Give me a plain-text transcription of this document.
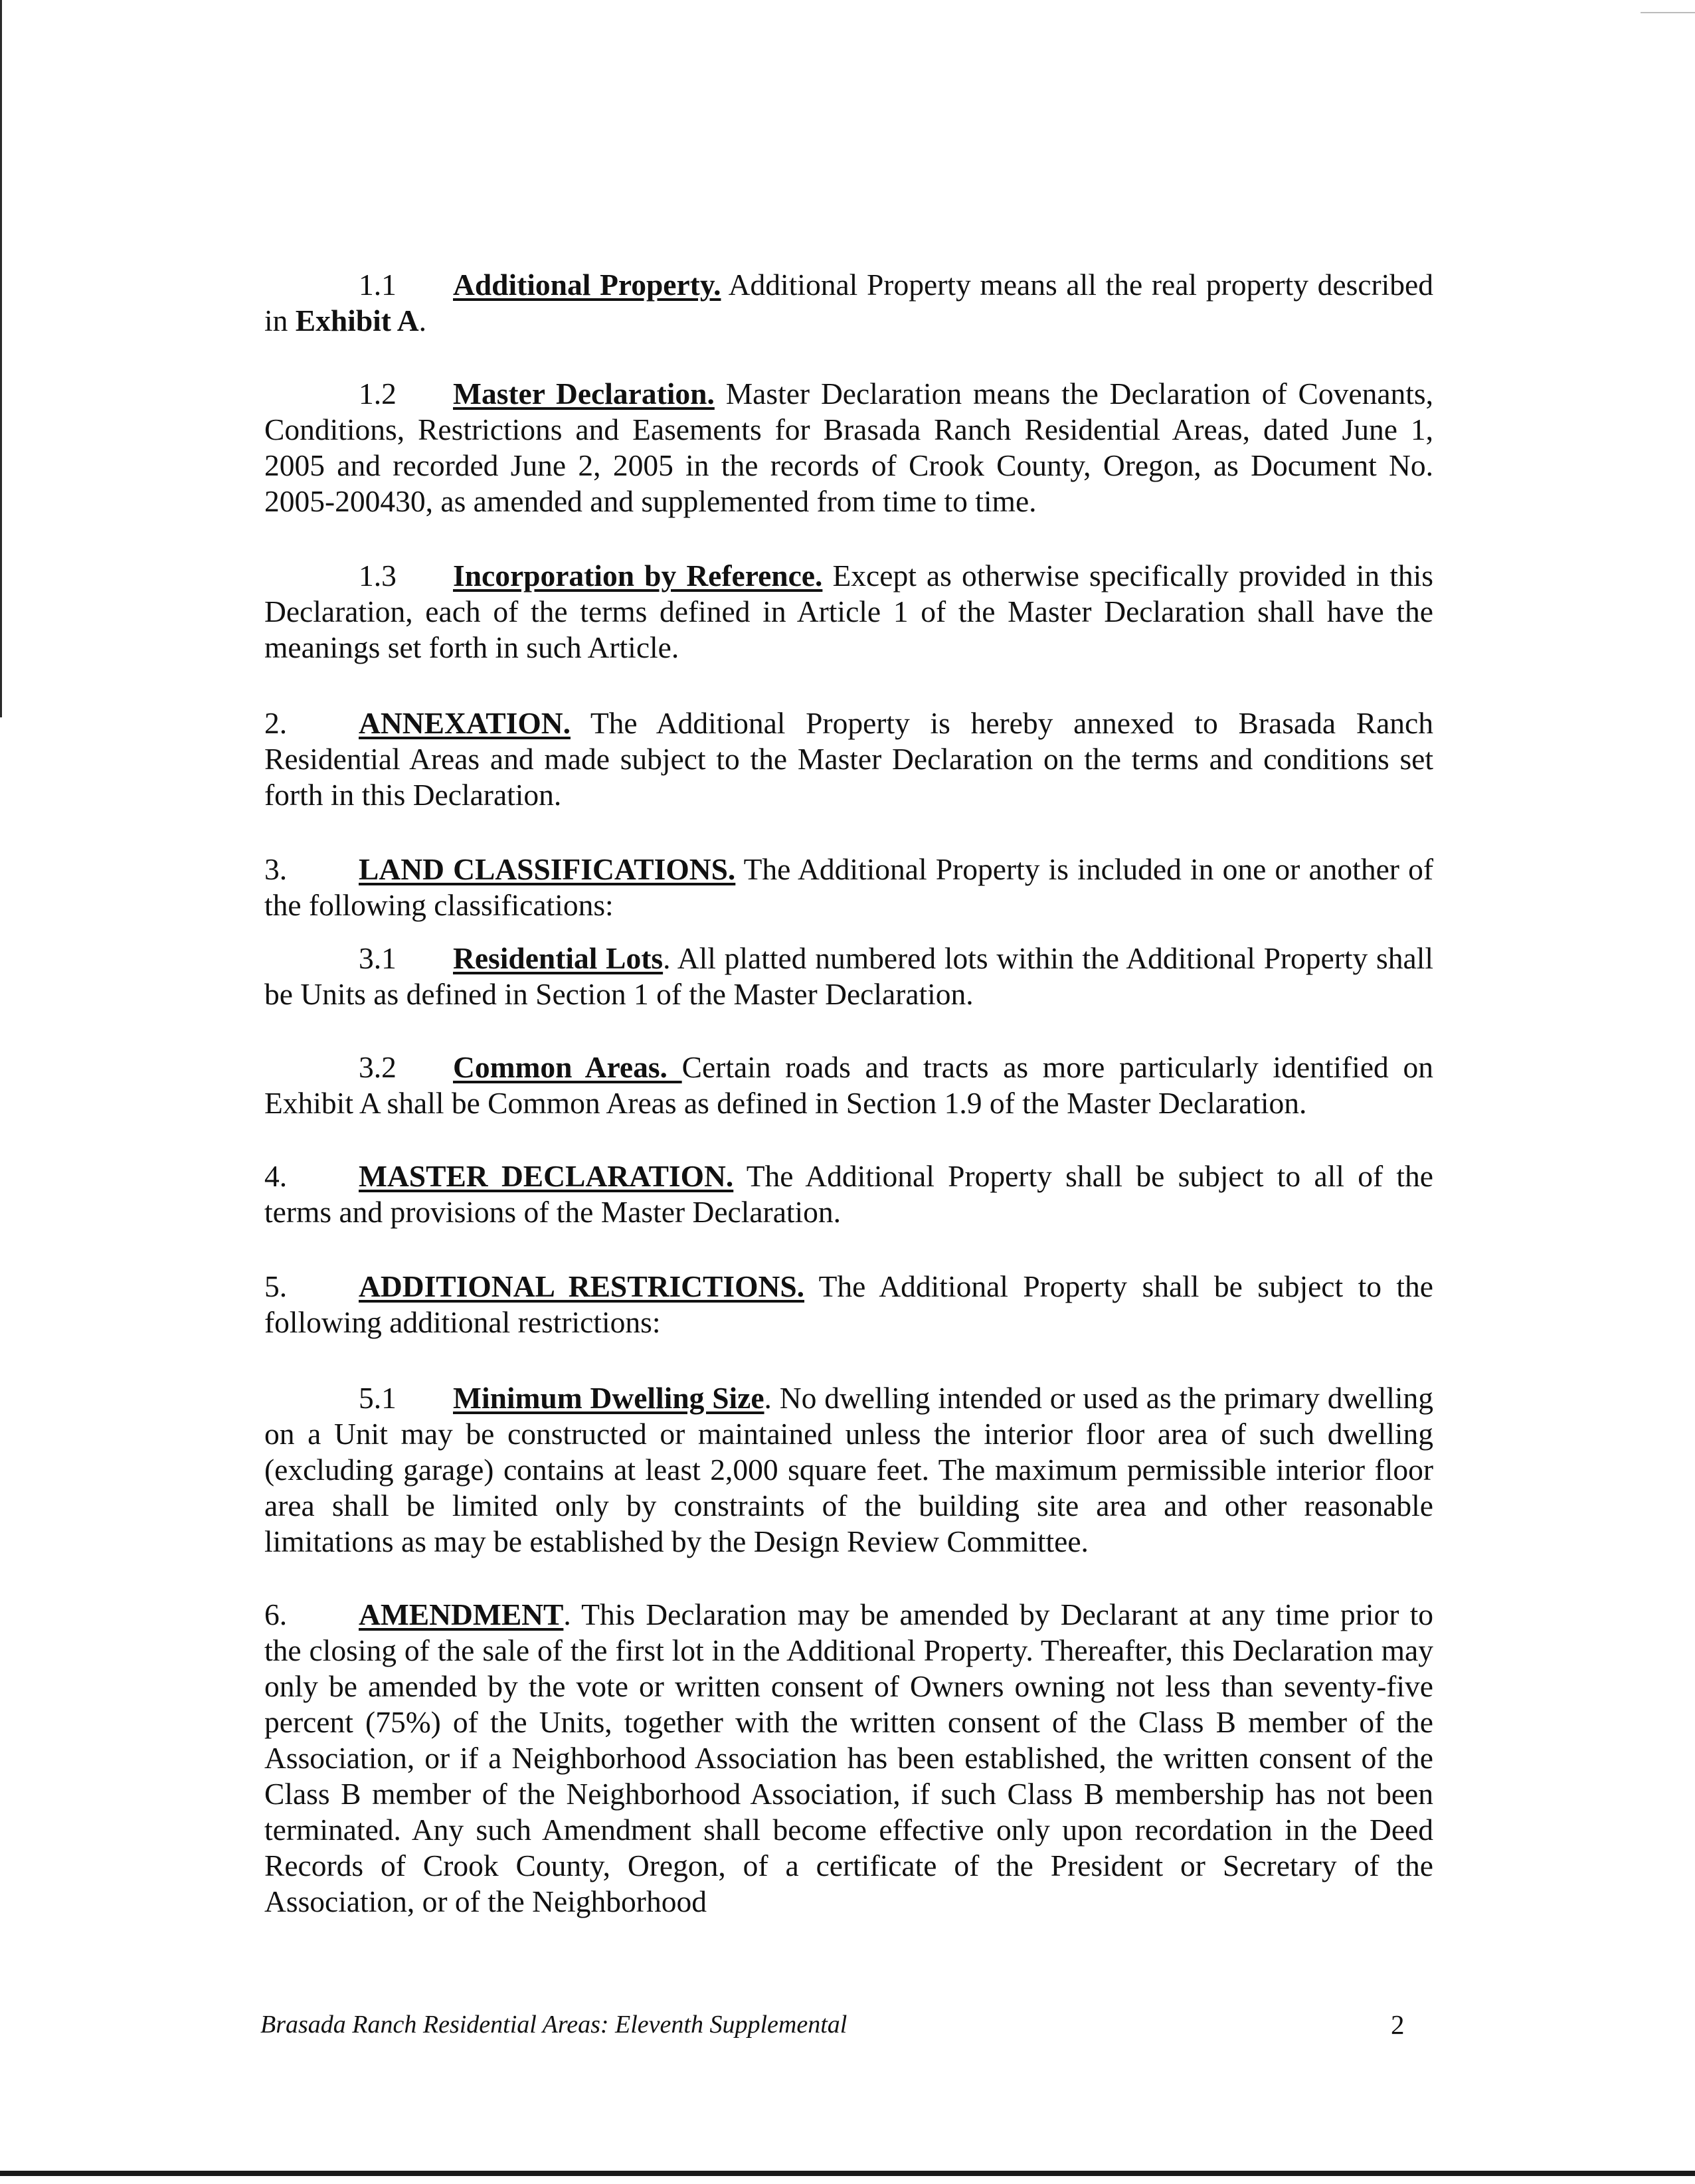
1.1 Additional Property. Additional Property means all the real property described in Exhibit A.

1.2 Master Declaration. Master Declaration means the Declaration of Covenants, Conditions, Restrictions and Easements for Brasada Ranch Residential Areas, dated June 1, 2005 and recorded June 2, 2005 in the records of Crook County, Oregon, as Document No. 2005-200430, as amended and supplemented from time to time.

1.3 Incorporation by Reference. Except as otherwise specifically provided in this Declaration, each of the terms defined in Article 1 of the Master Declaration shall have the meanings set forth in such Article.

2. ANNEXATION. The Additional Property is hereby annexed to Brasada Ranch Residential Areas and made subject to the Master Declaration on the terms and conditions set forth in this Declaration.

3. LAND CLASSIFICATIONS. The Additional Property is included in one or another of the following classifications:

3.1 Residential Lots. All platted numbered lots within the Additional Property shall be Units as defined in Section 1 of the Master Declaration.

3.2 Common Areas. Certain roads and tracts as more particularly identified on Exhibit A shall be Common Areas as defined in Section 1.9 of the Master Declaration.

4. MASTER DECLARATION. The Additional Property shall be subject to all of the terms and provisions of the Master Declaration.

5. ADDITIONAL RESTRICTIONS. The Additional Property shall be subject to the following additional restrictions:

5.1 Minimum Dwelling Size. No dwelling intended or used as the primary dwelling on a Unit may be constructed or maintained unless the interior floor area of such dwelling (excluding garage) contains at least 2,000 square feet. The maximum permissible interior floor area shall be limited only by constraints of the building site area and other reasonable limitations as may be established by the Design Review Committee.

6. AMENDMENT. This Declaration may be amended by Declarant at any time prior to the closing of the sale of the first lot in the Additional Property. Thereafter, this Declaration may only be amended by the vote or written consent of Owners owning not less than seventy-five percent (75%) of the Units, together with the written consent of the Class B member of the Association, or if a Neighborhood Association has been established, the written consent of the Class B member of the Neighborhood Association, if such Class B membership has not been terminated. Any such Amendment shall become effective only upon recordation in the Deed Records of Crook County, Oregon, of a certificate of the President or Secretary of the Association, or of the Neighborhood

Brasada Ranch Residential Areas: Eleventh Supplemental	2
